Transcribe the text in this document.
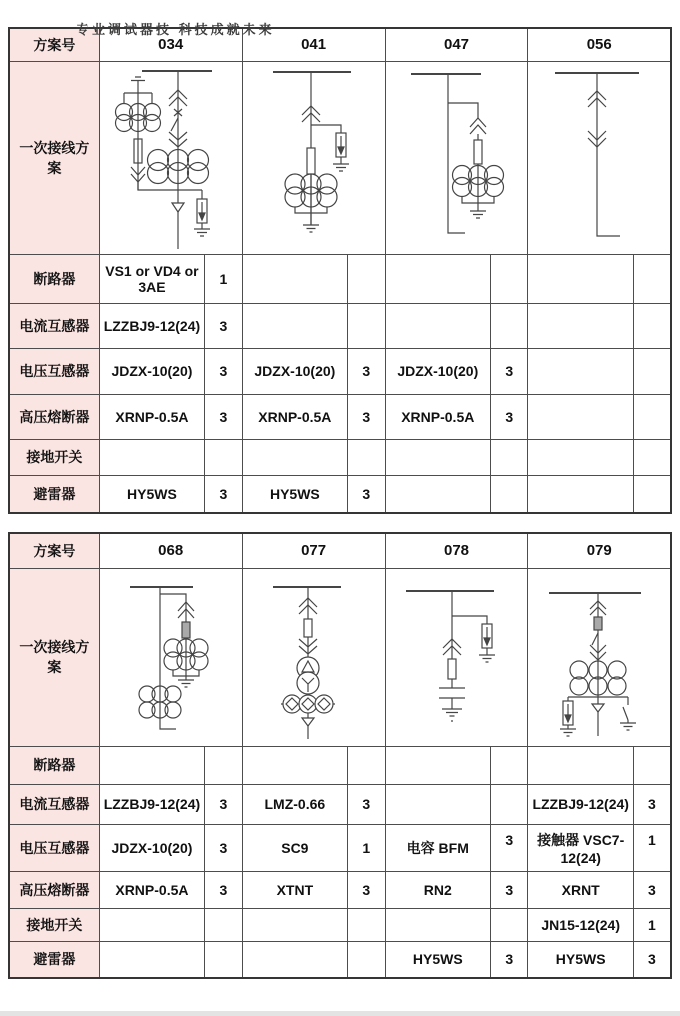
专业调试器技 科技成就未来
方案号	034		041		047		056	
一次接线方案	

断路器	VS1 or VD4 or 3AE	1						
电流互感器	LZZBJ9-12(24)	3						
电压互感器	JDZX-10(20)	3	JDZX-10(20)	3	JDZX-10(20)	3		
高压熔断器	XRNP-0.5A	3	XRNP-0.5A	3	XRNP-0.5A	3		
接地开关								
避雷器	HY5WS	3	HY5WS	3				
方案号	068		077		078		079	
一次接线方案	

断路器								
电流互感器	LZZBJ9-12(24)	3	LMZ-0.66	3			LZZBJ9-12(24)	3
电压互感器	JDZX-10(20)	3	SC9	1	电容 BFM	3	接触器 VSC7-12(24)	1
高压熔断器	XRNP-0.5A	3	XTNT	3	RN2	3	XRNT	3
接地开关							JN15-12(24)	1
避雷器					HY5WS	3	HY5WS	3
